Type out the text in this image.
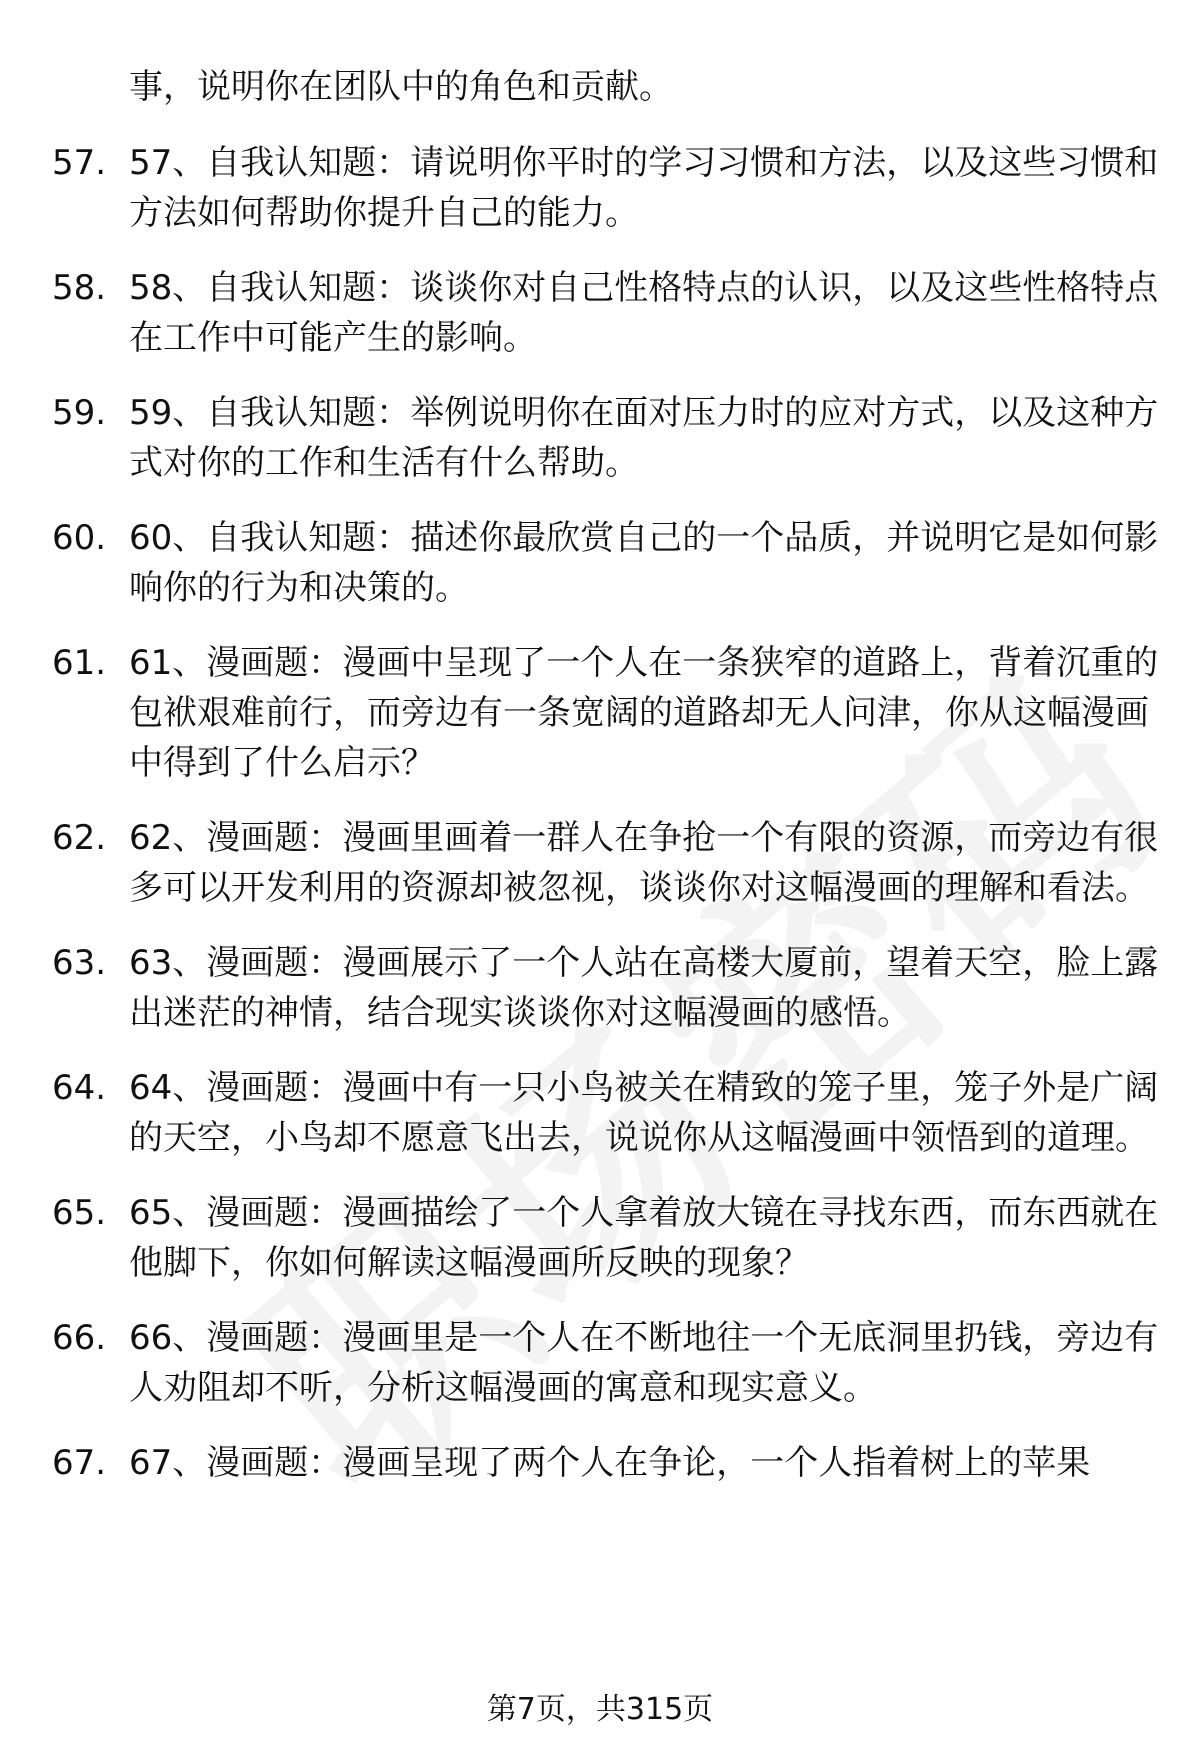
事，说明你在团队中的角色和贡献。

57. 57、自我认知题：请说明你平时的学习习惯和方法，以及这些习惯和方法如何帮助你提升自己的能力。
58. 58、自我认知题：谈谈你对自己性格特点的认识，以及这些性格特点在工作中可能产生的影响。
59. 59、自我认知题：举例说明你在面对压力时的应对方式，以及这种方式对你的工作和生活有什么帮助。
60. 60、自我认知题：描述你最欣赏自己的一个品质，并说明它是如何影响你的行为和决策的。
61. 61、漫画题：漫画中呈现了一个人在一条狭窄的道路上，背着沉重的包袱艰难前行，而旁边有一条宽阔的道路却无人问津，你从这幅漫画中得到了什么启示？
62. 62、漫画题：漫画里画着一群人在争抢一个有限的资源，而旁边有很多可以开发利用的资源却被忽视，谈谈你对这幅漫画的理解和看法。
63. 63、漫画题：漫画展示了一个人站在高楼大厦前，望着天空，脸上露出迷茫的神情，结合现实谈谈你对这幅漫画的感悟。
64. 64、漫画题：漫画中有一只小鸟被关在精致的笼子里，笼子外是广阔的天空，小鸟却不愿意飞出去，说说你从这幅漫画中领悟到的道理。
65. 65、漫画题：漫画描绘了一个人拿着放大镜在寻找东西，而东西就在他脚下，你如何解读这幅漫画所反映的现象？
66. 66、漫画题：漫画里是一个人在不断地往一个无底洞里扔钱，旁边有人劝阻却不听，分析这幅漫画的寓意和现实意义。
67. 67、漫画题：漫画呈现了两个人在争论，一个人指着树上的苹果
第7页，共315页
